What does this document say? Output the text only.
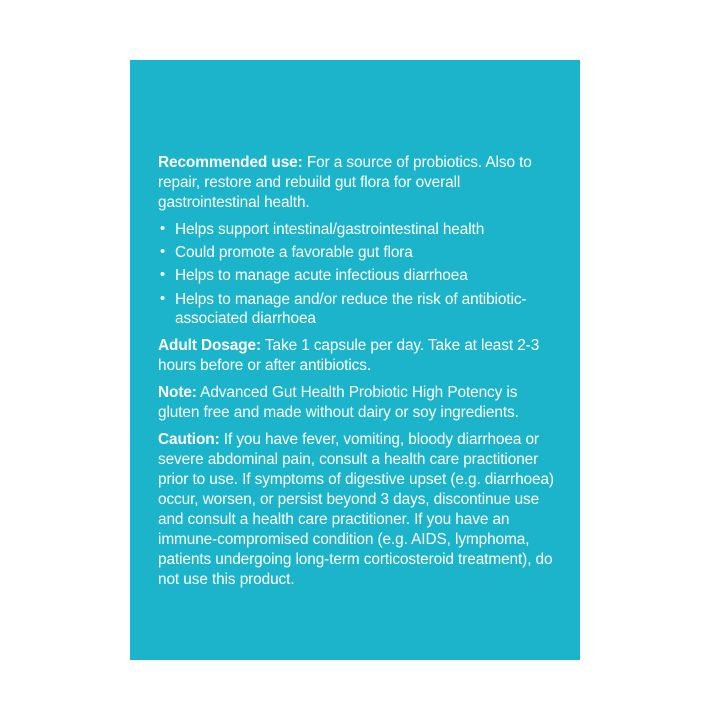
Recommended use: For a source of probiotics. Also to repair, restore and rebuild gut flora for overall gastrointestinal health.

• Helps support intestinal/gastrointestinal health
• Could promote a favorable gut flora
• Helps to manage acute infectious diarrhoea
• Helps to manage and/or reduce the risk of antibiotic-associated diarrhoea

Adult Dosage: Take 1 capsule per day. Take at least 2-3 hours before or after antibiotics.

Note: Advanced Gut Health Probiotic High Potency is gluten free and made without dairy or soy ingredients.

Caution: If you have fever, vomiting, bloody diarrhoea or severe abdominal pain, consult a health care practitioner prior to use. If symptoms of digestive upset (e.g. diarrhoea) occur, worsen, or persist beyond 3 days, discontinue use and consult a health care practitioner. If you have an immune-compromised condition (e.g. AIDS, lymphoma, patients undergoing long-term corticosteroid treatment), do not use this product.
